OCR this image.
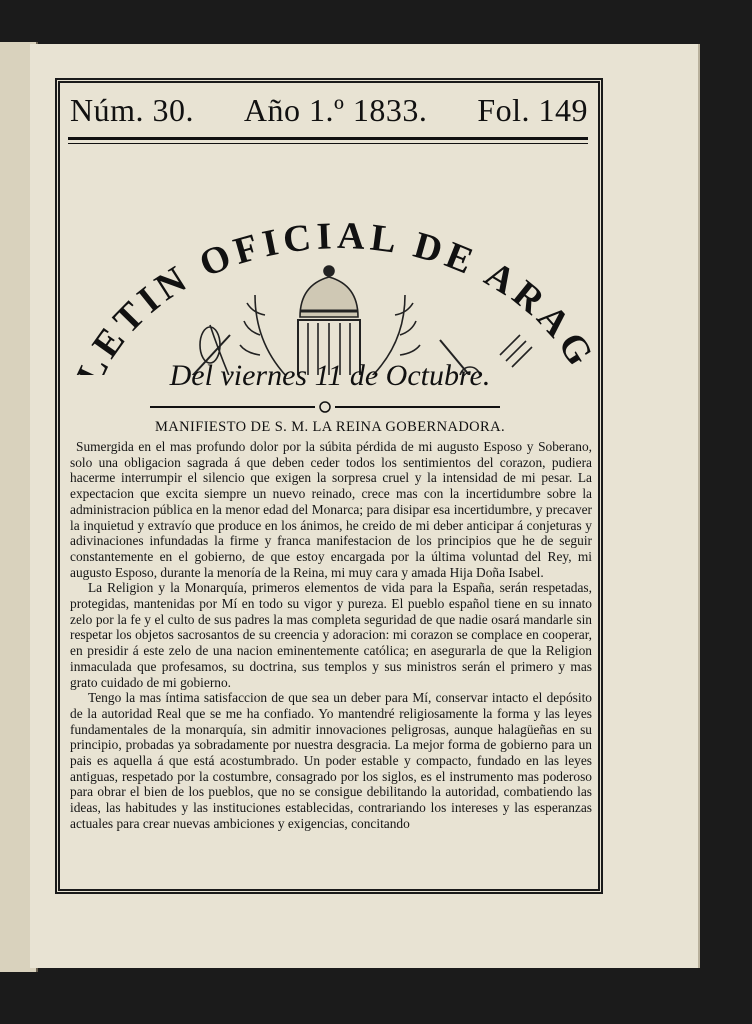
Núm. 30. Año 1.º 1833. Fol. 149
LETIN OFICIAL DE ARAG
Del viernes 11 de Octubre.
MANIFIESTO DE S. M. LA REINA GOBERNADORA.

Sumergida en el mas profundo dolor por la súbita pérdida de mi augusto Esposo y Soberano, solo una obligacion sagrada á que deben ceder todos los sentimientos del corazon, pudiera hacerme interrumpir el silencio que exigen la sorpresa cruel y la intensidad de mi pesar. La expectacion que excita siempre un nuevo reinado, crece mas con la incertidumbre sobre la administracion pública en la menor edad del Monarca; para disipar esa incertidumbre, y precaver la inquietud y extravío que produce en los ánimos, he creido de mi deber anticipar á conjeturas y adivinaciones infundadas la firme y franca manifestacion de los principios que he de seguir constantemente en el gobierno, de que estoy encargada por la última voluntad del Rey, mi augusto Esposo, durante la menoría de la Reina, mi muy cara y amada Hija Doña Isabel.

La Religion y la Monarquía, primeros elementos de vida para la España, serán respetadas, protegidas, mantenidas por Mí en todo su vigor y pureza. El pueblo español tiene en su innato zelo por la fe y el culto de sus padres la mas completa seguridad de que nadie osará mandarle sin respetar los objetos sacrosantos de su creencia y adoracion: mi corazon se complace en cooperar, en presidir á este zelo de una nacion eminentemente católica; en asegurarla de que la Religion inmaculada que profesamos, su doctrina, sus templos y sus ministros serán el primero y mas grato cuidado de mi gobierno.

Tengo la mas íntima satisfaccion de que sea un deber para Mí, conservar intacto el depósito de la autoridad Real que se me ha confiado. Yo mantendré religiosamente la forma y las leyes fundamentales de la monarquía, sin admitir innovaciones peligrosas, aunque halagüeñas en su principio, probadas ya sobradamente por nuestra desgracia. La mejor forma de gobierno para un pais es aquella á que está acostumbrado. Un poder estable y compacto, fundado en las leyes antiguas, respetado por la costumbre, consagrado por los siglos, es el instrumento mas poderoso para obrar el bien de los pueblos, que no se consigue debilitando la autoridad, combatiendo las ideas, las habitudes y las instituciones establecidas, contrariando los intereses y las esperanzas actuales para crear nuevas ambiciones y exigencias, concitando
